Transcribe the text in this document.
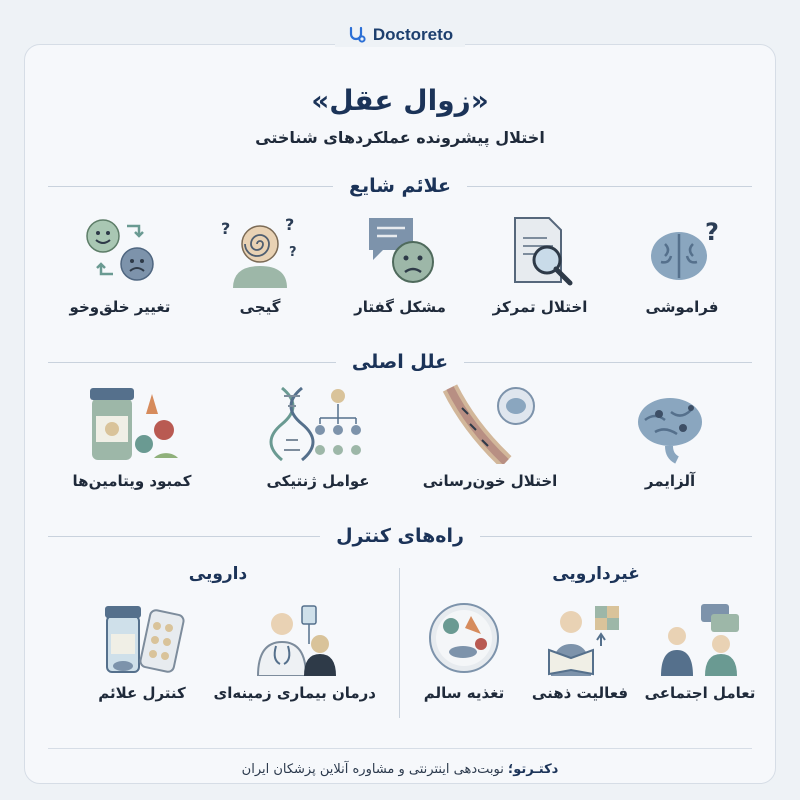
Doctoreto
«زوال عقل»
اختلال پیشرونده عملکردهای شناختی
علائم شایع
?
فراموشی
اختلال تمرکز
مشکل گفتار
?	?
?
گیجی
تغییر خلق‌وخو
علل اصلی
آلزایمر
اختلال خون‌رسانی
عوامل ژنتیکی
کمبود ویتامین‌ها
راه‌های کنترل
غیردارویی
دارویی
تعامل اجتماعی
فعالیت ذهنی
تغذیه سالم
درمان بیماری زمینه‌ای
کنترل علائم
دکتـرتو؛ نوبت‌دهی اینترنتی و مشاوره آنلاین پزشکان ایران
